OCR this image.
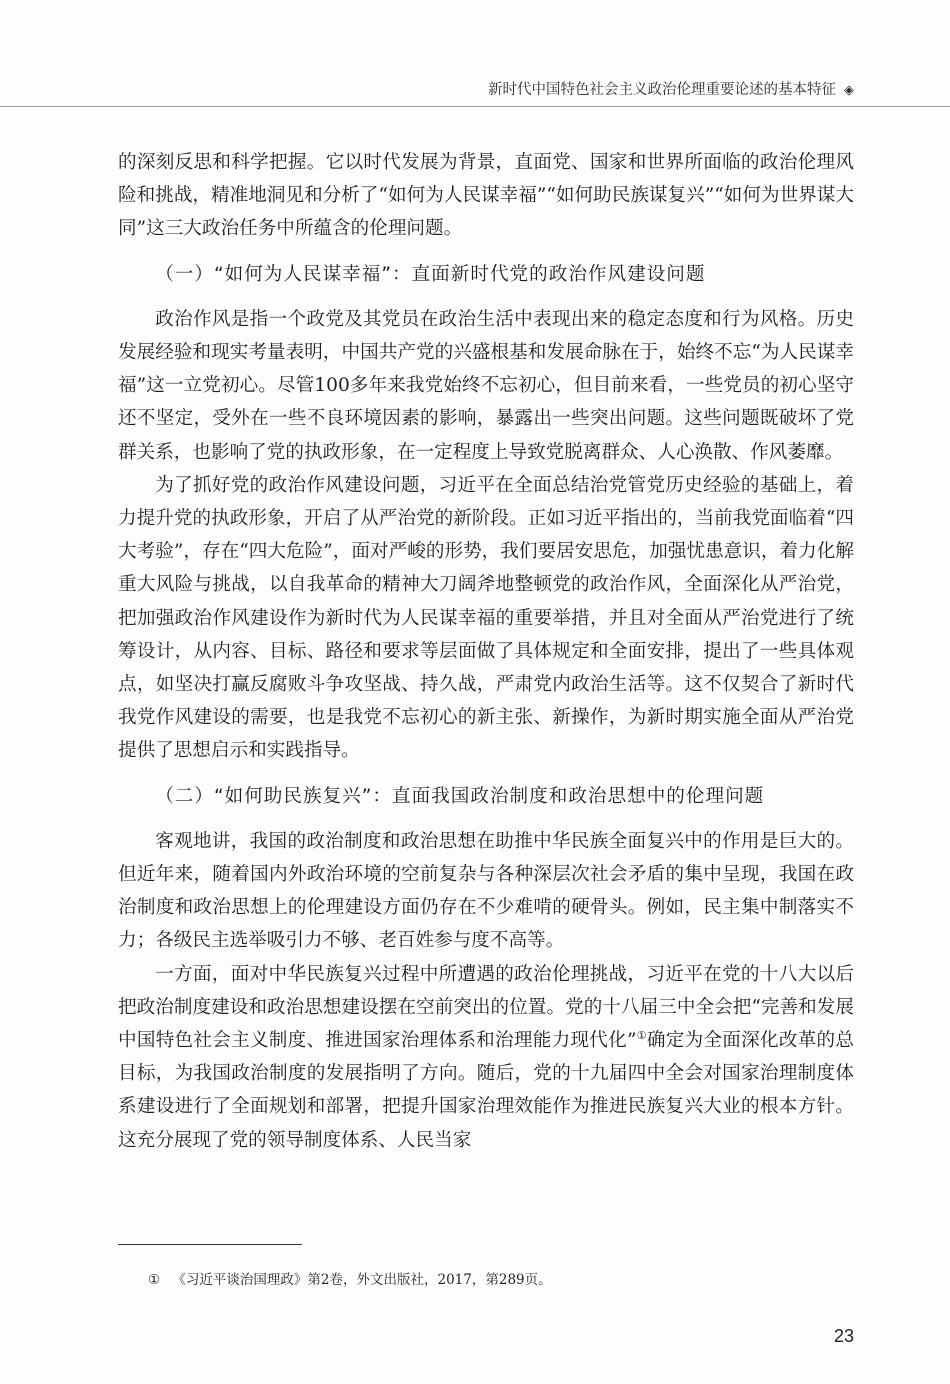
新时代中国特色社会主义政治伦理重要论述的基本特征 ◈

的深刻反思和科学把握。它以时代发展为背景，直面党、国家和世界所面临的政治伦理风险和挑战，精准地洞见和分析了“如何为人民谋幸福”“如何助民族谋复兴”“如何为世界谋大同”这三大政治任务中所蕴含的伦理问题。

（一）“如何为人民谋幸福”：直面新时代党的政治作风建设问题

政治作风是指一个政党及其党员在政治生活中表现出来的稳定态度和行为风格。历史发展经验和现实考量表明，中国共产党的兴盛根基和发展命脉在于，始终不忘“为人民谋幸福”这一立党初心。尽管100多年来我党始终不忘初心，但目前来看，一些党员的初心坚守还不坚定，受外在一些不良环境因素的影响，暴露出一些突出问题。这些问题既破坏了党群关系，也影响了党的执政形象，在一定程度上导致党脱离群众、人心涣散、作风萎靡。

为了抓好党的政治作风建设问题，习近平在全面总结治党管党历史经验的基础上，着力提升党的执政形象，开启了从严治党的新阶段。正如习近平指出的，当前我党面临着“四大考验”，存在“四大危险”，面对严峻的形势，我们要居安思危，加强忧患意识，着力化解重大风险与挑战，以自我革命的精神大刀阔斧地整顿党的政治作风，全面深化从严治党，把加强政治作风建设作为新时代为人民谋幸福的重要举措，并且对全面从严治党进行了统筹设计，从内容、目标、路径和要求等层面做了具体规定和全面安排，提出了一些具体观点，如坚决打赢反腐败斗争攻坚战、持久战，严肃党内政治生活等。这不仅契合了新时代我党作风建设的需要，也是我党不忘初心的新主张、新操作，为新时期实施全面从严治党提供了思想启示和实践指导。

（二）“如何助民族复兴”：直面我国政治制度和政治思想中的伦理问题

客观地讲，我国的政治制度和政治思想在助推中华民族全面复兴中的作用是巨大的。但近年来，随着国内外政治环境的空前复杂与各种深层次社会矛盾的集中呈现，我国在政治制度和政治思想上的伦理建设方面仍存在不少难啃的硬骨头。例如，民主集中制落实不力；各级民主选举吸引力不够、老百姓参与度不高等。

一方面，面对中华民族复兴过程中所遭遇的政治伦理挑战，习近平在党的十八大以后把政治制度建设和政治思想建设摆在空前突出的位置。党的十八届三中全会把“完善和发展中国特色社会主义制度、推进国家治理体系和治理能力现代化”①确定为全面深化改革的总目标，为我国政治制度的发展指明了方向。随后，党的十九届四中全会对国家治理制度体系建设进行了全面规划和部署，把提升国家治理效能作为推进民族复兴大业的根本方针。这充分展现了党的领导制度体系、人民当家

① 《习近平谈治国理政》第2卷，外文出版社，2017，第289页。
23
